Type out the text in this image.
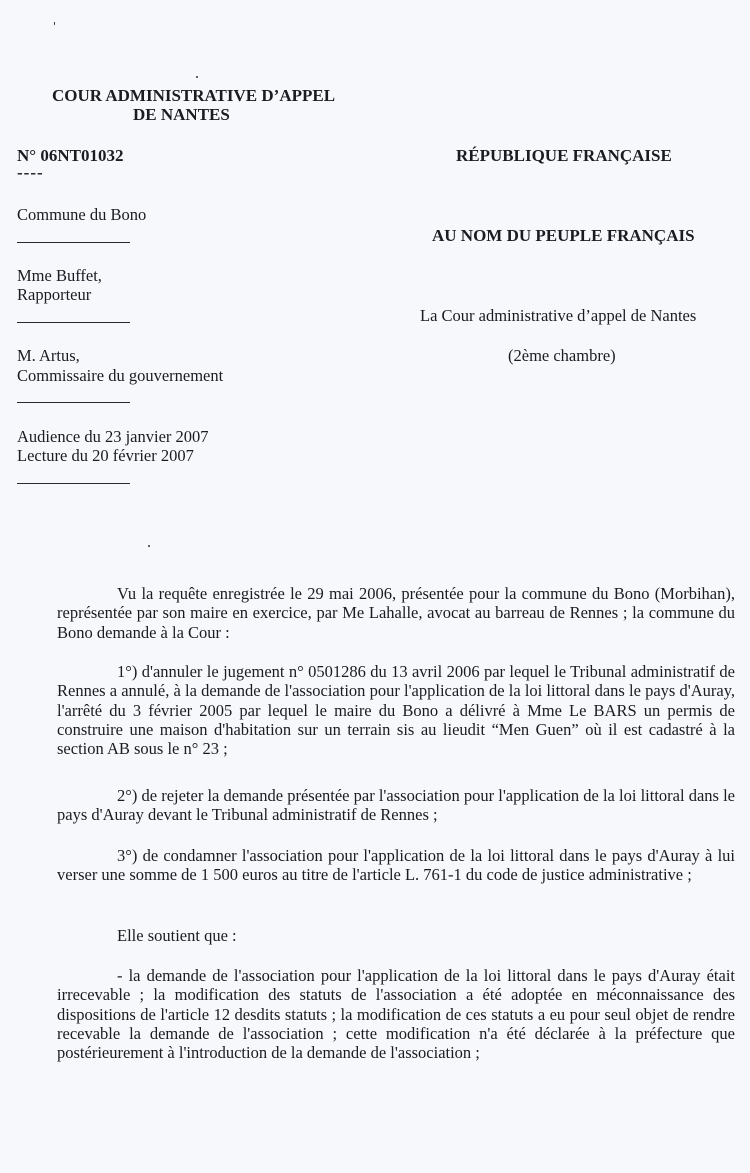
COUR ADMINISTRATIVE D’APPEL
DE NANTES
N° 06NT01032
----
RÉPUBLIQUE FRANÇAISE
AU NOM DU PEUPLE FRANÇAIS
Commune du Bono
Mme Buffet,
Rapporteur
M. Artus,
Commissaire du gouvernement
Audience du 23 janvier 2007
Lecture du 20 février 2007
La Cour administrative d’appel de Nantes
(2ème chambre)

Vu la requête enregistrée le 29 mai 2006, présentée pour la commune du Bono (Morbihan), représentée par son maire en exercice, par Me Lahalle, avocat au barreau de Rennes ; la commune du Bono demande à la Cour :

1°) d'annuler le jugement n° 0501286 du 13 avril 2006 par lequel le Tribunal administratif de Rennes a annulé, à la demande de l'association pour l'application de la loi littoral dans le pays d'Auray, l'arrêté du 3 février 2005 par lequel le maire du Bono a délivré à Mme Le BARS un permis de construire une maison d'habitation sur un terrain sis au lieudit “Men Guen” où il est cadastré à la section AB sous le n° 23 ;

2°) de rejeter la demande présentée par l'association pour l'application de la loi littoral dans le pays d'Auray devant le Tribunal administratif de Rennes ;

3°) de condamner l'association pour l'application de la loi littoral dans le pays d'Auray à lui verser une somme de 1 500 euros au titre de l'article L. 761-1 du code de justice administrative ;

Elle soutient que :

- la demande de l'association pour l'application de la loi littoral dans le pays d'Auray était irrecevable ; la modification des statuts de l'association a été adoptée en méconnaissance des dispositions de l'article 12 desdits statuts ; la modification de ces statuts a eu pour seul objet de rendre recevable la demande de l'association ; cette modification n'a été déclarée à la préfecture que postérieurement à l'introduction de la demande de l'association ;
